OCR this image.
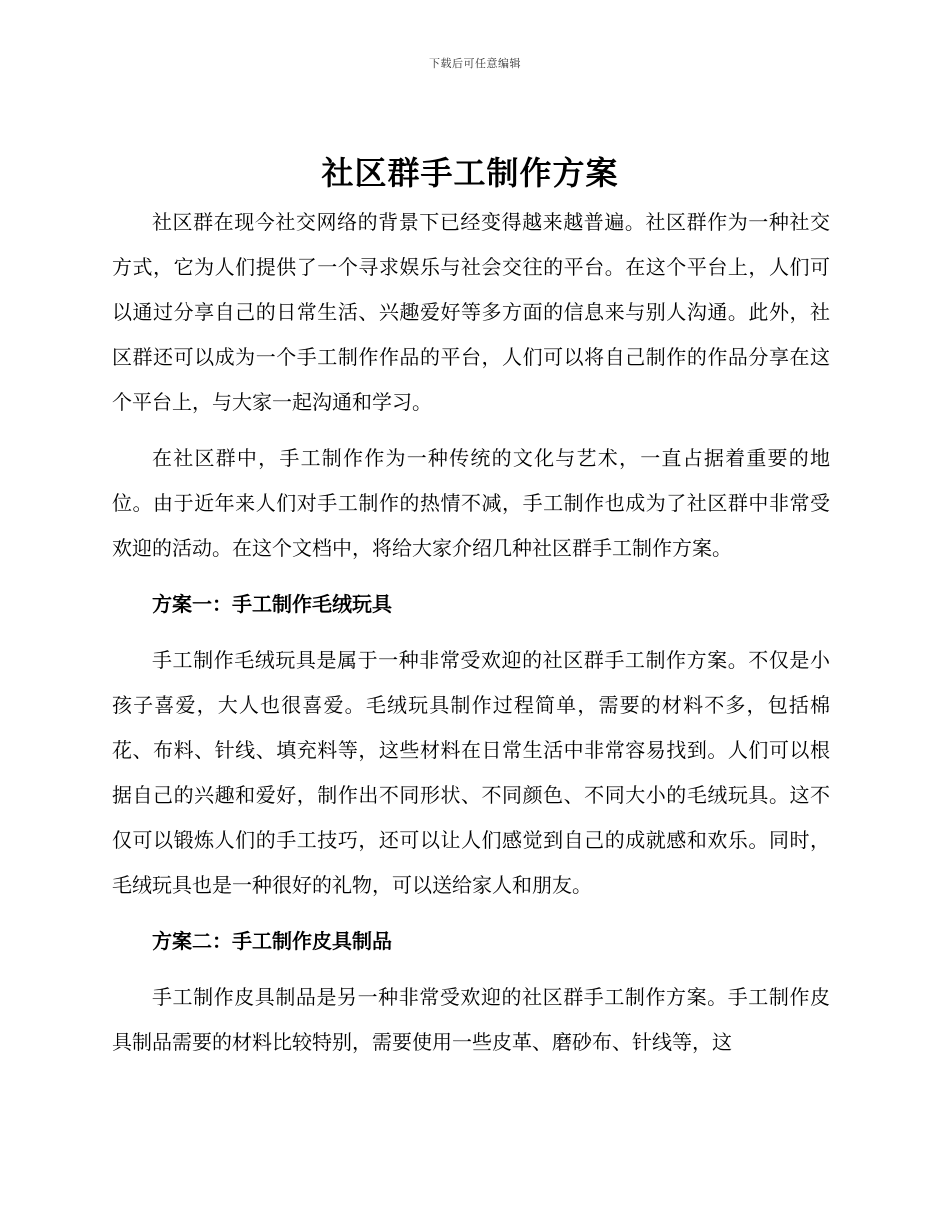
下载后可任意编辑
社区群手工制作方案

社区群在现今社交网络的背景下已经变得越来越普遍。社区群作为一种社交方式，它为人们提供了一个寻求娱乐与社会交往的平台。在这个平台上，人们可以通过分享自己的日常生活、兴趣爱好等多方面的信息来与别人沟通。此外，社区群还可以成为一个手工制作作品的平台，人们可以将自己制作的作品分享在这个平台上，与大家一起沟通和学习。

在社区群中，手工制作作为一种传统的文化与艺术，一直占据着重要的地位。由于近年来人们对手工制作的热情不减，手工制作也成为了社区群中非常受欢迎的活动。在这个文档中，将给大家介绍几种社区群手工制作方案。

方案一：手工制作毛绒玩具

手工制作毛绒玩具是属于一种非常受欢迎的社区群手工制作方案。不仅是小孩子喜爱，大人也很喜爱。毛绒玩具制作过程简单，需要的材料不多，包括棉花、布料、针线、填充料等，这些材料在日常生活中非常容易找到。人们可以根据自己的兴趣和爱好，制作出不同形状、不同颜色、不同大小的毛绒玩具。这不仅可以锻炼人们的手工技巧，还可以让人们感觉到自己的成就感和欢乐。同时，毛绒玩具也是一种很好的礼物，可以送给家人和朋友。

方案二：手工制作皮具制品

手工制作皮具制品是另一种非常受欢迎的社区群手工制作方案。手工制作皮具制品需要的材料比较特别，需要使用一些皮革、磨砂布、针线等，这
